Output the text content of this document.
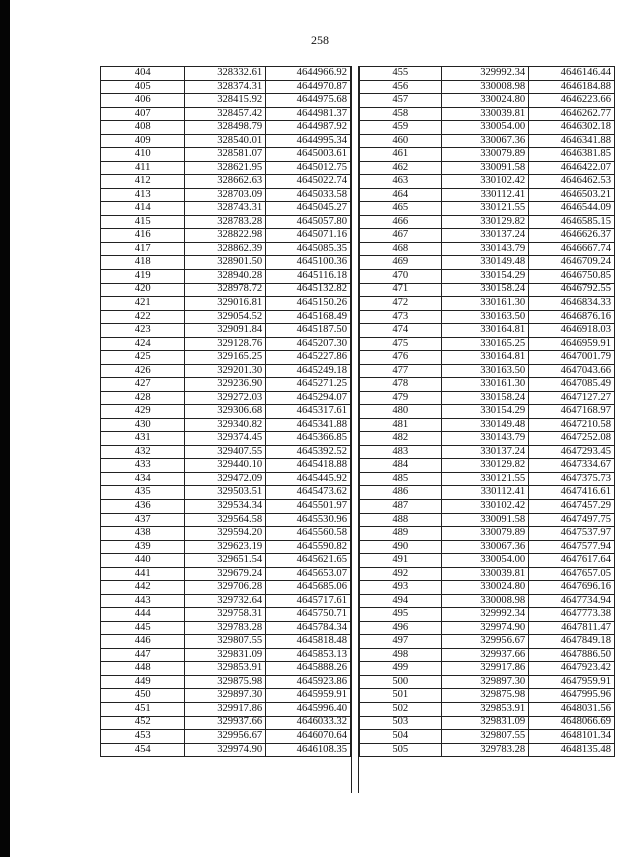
258
404	328332.61	4644966.92
405	328374.31	4644970.87
406	328415.92	4644975.68
407	328457.42	4644981.37
408	328498.79	4644987.92
409	328540.01	4644995.34
410	328581.07	4645003.61
411	328621.95	4645012.75
412	328662.63	4645022.74
413	328703.09	4645033.58
414	328743.31	4645045.27
415	328783.28	4645057.80
416	328822.98	4645071.16
417	328862.39	4645085.35
418	328901.50	4645100.36
419	328940.28	4645116.18
420	328978.72	4645132.82
421	329016.81	4645150.26
422	329054.52	4645168.49
423	329091.84	4645187.50
424	329128.76	4645207.30
425	329165.25	4645227.86
426	329201.30	4645249.18
427	329236.90	4645271.25
428	329272.03	4645294.07
429	329306.68	4645317.61
430	329340.82	4645341.88
431	329374.45	4645366.85
432	329407.55	4645392.52
433	329440.10	4645418.88
434	329472.09	4645445.92
435	329503.51	4645473.62
436	329534.34	4645501.97
437	329564.58	4645530.96
438	329594.20	4645560.58
439	329623.19	4645590.82
440	329651.54	4645621.65
441	329679.24	4645653.07
442	329706.28	4645685.06
443	329732.64	4645717.61
444	329758.31	4645750.71
445	329783.28	4645784.34
446	329807.55	4645818.48
447	329831.09	4645853.13
448	329853.91	4645888.26
449	329875.98	4645923.86
450	329897.30	4645959.91
451	329917.86	4645996.40
452	329937.66	4646033.32
453	329956.67	4646070.64
454	329974.90	4646108.35
455	329992.34	4646146.44
456	330008.98	4646184.88
457	330024.80	4646223.66
458	330039.81	4646262.77
459	330054.00	4646302.18
460	330067.36	4646341.88
461	330079.89	4646381.85
462	330091.58	4646422.07
463	330102.42	4646462.53
464	330112.41	4646503.21
465	330121.55	4646544.09
466	330129.82	4646585.15
467	330137.24	4646626.37
468	330143.79	4646667.74
469	330149.48	4646709.24
470	330154.29	4646750.85
471	330158.24	4646792.55
472	330161.30	4646834.33
473	330163.50	4646876.16
474	330164.81	4646918.03
475	330165.25	4646959.91
476	330164.81	4647001.79
477	330163.50	4647043.66
478	330161.30	4647085.49
479	330158.24	4647127.27
480	330154.29	4647168.97
481	330149.48	4647210.58
482	330143.79	4647252.08
483	330137.24	4647293.45
484	330129.82	4647334.67
485	330121.55	4647375.73
486	330112.41	4647416.61
487	330102.42	4647457.29
488	330091.58	4647497.75
489	330079.89	4647537.97
490	330067.36	4647577.94
491	330054.00	4647617.64
492	330039.81	4647657.05
493	330024.80	4647696.16
494	330008.98	4647734.94
495	329992.34	4647773.38
496	329974.90	4647811.47
497	329956.67	4647849.18
498	329937.66	4647886.50
499	329917.86	4647923.42
500	329897.30	4647959.91
501	329875.98	4647995.96
502	329853.91	4648031.56
503	329831.09	4648066.69
504	329807.55	4648101.34
505	329783.28	4648135.48
